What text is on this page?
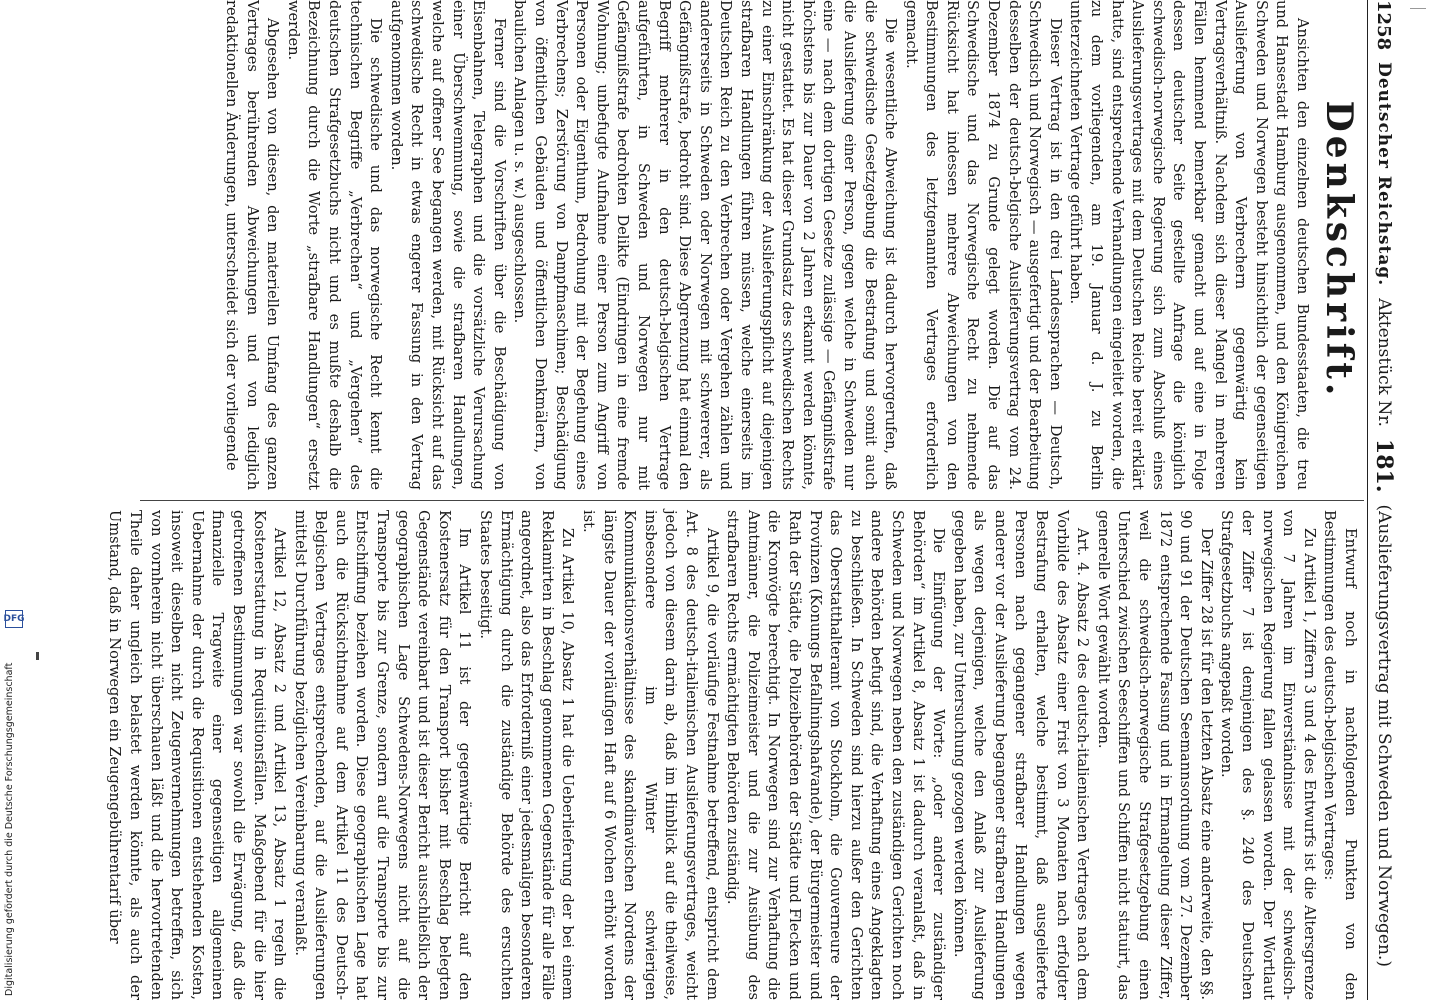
1258
Deutscher Reichstag.
Aktenstück Nr.
181.
(Auslieferungsvertrag mit Schweden und Norwegen.)
Denkschrift.

Ansichten den einzelnen deutschen Bundesstaaten, die treu und Hansestadt Hamburg ausgenommen, und den Königreichen Schweden und Norwegen besteht hinsichtlich der gegenseitigen Auslieferung von Verbrechern gegenwärtig kein Vertragsverhältniß. Nachdem sich dieser Mangel in mehreren Fällen hemmend bemerkbar gemacht und auf eine in Folge dessen deutscher Seite gestellte Anfrage die königlich schwedisch-norwegische Regierung sich zum Abschluß eines Auslieferungsvertrages mit dem Deutschen Reiche bereit erklärt hatte, sind entsprechende Verhandlungen eingeleitet worden, die zu dem vorliegenden, am 19. Januar d. J. zu Berlin unterzeichneten Vertrage geführt haben.

Dieser Vertrag ist in den drei Landessprachen — Deutsch, Schwedisch und Norwegisch — ausgefertigt und der Bearbeitung desselben der deutsch-belgische Auslieferungsvertrag vom 24. Dezember 1874 zu Grunde gelegt worden. Die auf das Schwedische und das Norwegische Recht zu nehmende Rücksicht hat indessen mehrere Abweichungen von den Bestimmungen des letztgenannten Vertrages erforderlich gemacht.

Die wesentliche Abweichung ist dadurch hervorgerufen, daß die schwedische Gesetzgebung die Bestrafung und somit auch die Auslieferung einer Person, gegen welche in Schweden nur eine — nach dem dortigen Gesetze zulässige — Gefängnißstrafe höchstens bis zur Dauer von 2 Jahren erkannt werden könnte, nicht gestattet. Es hat dieser Grundsatz des schwedischen Rechts zu einer Einschränkung der Auslieferungspflicht auf diejenigen strafbaren Handlungen führen müssen, welche einerseits im Deutschen Reich zu den Verbrechen oder Vergehen zählen und andererseits in Schweden oder Norwegen mit schwererer, als Gefängnißstrafe, bedroht sind. Diese Abgrenzung hat einmal den Begriff mehrerer in den deutsch-belgischen Vertrage aufgeführten, in Schweden und Norwegen nur mit Gefängnißstrafe bedrohten Delikte (Eindringen in eine fremde Wohnung; unbefugte Aufnahme einer Person zum Angriff von Personen oder Eigenthum, Bedrohung mit der Begehung eines Verbrechens; Zerstörung von Dampfmaschinen; Beschädigung von öffentlichen Gebäuden und öffentlichen Denkmälern, von baulichen Anlagen u. s. w.) ausgeschlossen.

Ferner sind die Vorschriften über die Beschädigung von Eisenbahnen, Telegraphen und die vorsätzliche Verursachung einer Überschwemmung, sowie die strafbaren Handlungen, welche auf offener See begangen werden, mit Rücksicht auf das schwedische Recht in etwas engerer Fassung in den Vertrag aufgenommen worden.

Die schwedische und das norwegische Recht kennt die technischen Begriffe „Verbrechen“ und „Vergehen“ des deutschen Strafgesetzbuchs nicht und es mußte deshalb die Bezeichnung durch die Worte „strafbare Handlungen“ ersetzt werden.

Abgesehen von diesen, den materiellen Umfang des ganzen Vertrages berührenden Abweichungen und von lediglich redaktionellen Änderungen, unterscheidet sich der vorliegende

Entwurf noch in nachfolgenden Punkten von den Bestimmungen des deutsch-belgischen Vertrages:

Zu Artikel 1, Ziffern 3 und 4 des Entwurfs ist die Altersgrenze von 7 Jahren im Einverständnisse mit der schwedisch-norwegischen Regierung fallen gelassen worden. Der Wortlaut der Ziffer 7 ist demjenigen des §. 240 des Deutschen Strafgesetzbuchs angepaßt worden.

Der Ziffer 28 ist für den letzten Absatz eine anderweite, den §§. 90 und 91 der Deutschen Seemannsordnung vom 27. Dezember 1872 entsprechende Fassung und in Ermangelung dieser Ziffer, weil die schwedisch-norwegische Strafgesetzgebung einen Unterschied zwischen Seeschiffen und Schiffen nicht statuirt, das generelle Wort gewählt worden.

Art. 4. Absatz 2 des deutsch-italienischen Vertrages nach dem Vorbilde des Absatz einer Frist von 3 Monaten nach erfolgter Bestrafung erhalten, welche bestimmt, daß ausgelieferte Personen nach gegangener strafbarer Handlungen wegen anderer vor der Auslieferung begangener strafbaren Handlungen als wegen derjenigen, welche den Anlaß zur Auslieferung gegeben haben, zur Untersuchung gezogen werden können.

Die Einfügung der Worte: „oder anderer zuständiger Behörden“ im Artikel 8, Absatz 1 ist dadurch veranlaßt, daß in Schweden und Norwegen neben den zuständigen Gerichten noch andere Behörden befugt sind, die Verhaftung eines Angeklagten zu beschließen. In Schweden sind hierzu außer den Gerichten das Oberstatthalteramt von Stockholm, die Gouverneure der Provinzen (Konungs Befallningshafvande), der Bürgermeister und Rath der Städte, die Polizeibehörden der Städte und Flecken und die Kronvögte berechtigt. In Norwegen sind zur Verhaftung die Amtmänner, die Polizeimeister und die zur Ausübung des strafbaren Rechts ermächtigten Behörden zuständig.

Artikel 9, die vorläufige Festnahme betreffend, entspricht dem Art. 8 des deutsch-italienischen Auslieferungsvertrages, weicht jedoch von diesem darin ab, daß im Hinblick auf die theilweise, insbesondere im Winter schwierigen Kommunikationsverhältnisse des skandinavischen Nordens der längste Dauer der vorläufigen Haft auf 6 Wochen erhöht worden ist.

Zu Artikel 10, Absatz 1 hat die Ueberlieferung der bei einem Reklamirten in Beschlag genommenen Gegenstände für alle Fälle angeordnet, also das Erforderniß einer jedesmaligen besonderen Ermächtigung durch die zuständige Behörde des ersuchten Staates beseitigt.

Im Artikel 11 ist der gegenwärtige Bericht auf den Kostenersatz für den Transport bisher mit Beschlag belegten Gegenstände vereinbart und ist dieser Bericht ausschließlich der geographischen Lage Schwedens-Norwegens nicht auf die Transporte bis zur Grenze, sondern auf die Transporte bis zur Entschiffung beziehen worden. Diese geographischen Lage hat auch die Rücksichtnahme auf dem Artikel 11 des Deutsch-Belgischen Vertrages entsprechenden, auf die Auslieferungen mittelst Durchführung bezüglichen Vereinbarung veranlaßt.

Artikel 12, Absatz 2 und Artikel 13, Absatz 1 regeln die Kostenerstattung in Requisitionsfällen. Maßgebend für die hier getroffenen Bestimmungen war sowohl die Erwägung, daß die finanzielle Tragweite einer gegenseitigen allgemeinen Uebernahme der durch die Requisitionen entstehenden Kosten, insoweit dieselben nicht Zeugenvernehmungen betreffen, sich von vornherein nicht überschauen läßt und die hervortretenden Theile daher ungleich belastet werden könnte, als auch der Umstand, daß in Norwegen ein Zeugengebührentarif über

Digitalisierung gefördert durch die Deutsche Forschungsgemeinschaft
DFG
